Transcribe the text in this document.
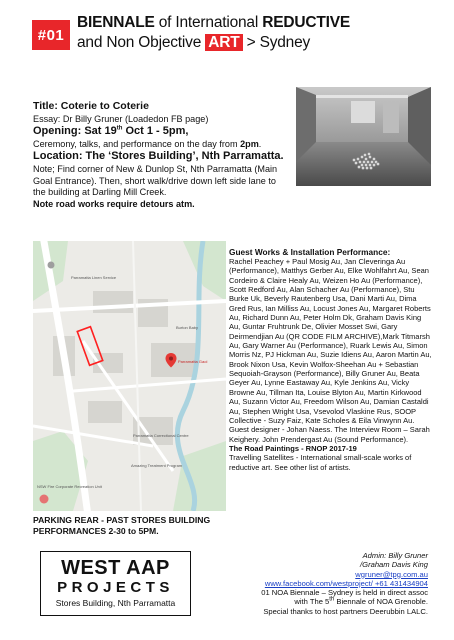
#01
BIENNALE of International REDUCTIVE
and Non Objective ART > Sydney

Title: Coterie to Coterie

Essay: Dr Billy Gruner (Loadedon FB page)

Opening: Sat 19th Oct 1 - 5pm,

Ceremony, talks, and performance on the day from 2pm.

Location: The ‘Stores Building’, Nth Parramatta.

Note; Find corner of New & Dunlop St, Nth Parramatta (Main Goal Entrance). Then, short walk/drive down left side lane to the building at Darling Mill Creek.

Note road works require detours atm.

Parramatta Linen Service
Burton Baby
Parramatta Gaol
Parramatta Correctional Centre
Amazing Treatment Program
NSW Fire Corporate Recreation Unit

Guest Works & Installation Performance:

Rachel Peachey + Paul Mosig Au, Jan Cleveringa Au (Performance), Matthys Gerber Au, Elke Wohlfahrt Au, Sean Cordeiro & Claire Healy Au, Weizen Ho Au (Performance), Scott Redford Au, Alan Schacher Au (Performance), Stu Burke Uk, Beverly Rautenberg Usa, Dani Marti Au, Dima Gred Rus, Ian Milliss Au, Locust Jones Au, Margaret Roberts Au, Richard Dunn Au, Peter Holm Dk, Graham Davis King Au, Guntar Fruhtrunk De, Olivier Mosset Swi, Gary Deirmendjian Au (QR CODE FILM ARCHIVE),Mark Titmarsh Au, Gary Warner Au (Performance), Ruark Lewis Au, Simon Morris Nz, PJ Hickman Au, Suzie Idiens Au, Aaron Martin Au, Brook Nixon Usa, Kevin Wolfox-Sheehan Au + Sebastian Sequoiah-Grayson (Performance), Billy Gruner Au, Beata Geyer Au, Lynne Eastaway Au, Kyle Jenkins Au, Vicky Browne Au, Tillman Ita, Louise Blyton Au, Martin Kirkwood Au, Suzann Victor Au, Freedom Wilson Au, Damian Castaldi Au, Stephen Wright Usa, Vsevolod Vlaskine Rus, SOOP Collective - Suzy Faiz, Kate Scholes & Eila Vinwynn Au. Guest designer - Johan Naess. The Interview Room – Sarah Keighery. John Prendergast Au (Sound Performance).

The Road Paintings - RNOP 2017-19

Travelling Satellites - International small-scale works of reductive art. See other list of artists.

PARKING REAR - PAST STORES BUILDING
PERFORMANCES 2-30 to 5PM.
WEST AAP
PROJECTS
Stores Building, Nth Parramatta

Admin: Billy Gruner

/Graham Davis King

wgruner@tpg.com.au

www.facebook.com/westproject/ +61 431434904

01 NOA Biennale – Sydney is held in direct assoc

with The 5th Biennale of NOA Grenoble.

Special thanks to host partners Deerubbin LALC.
